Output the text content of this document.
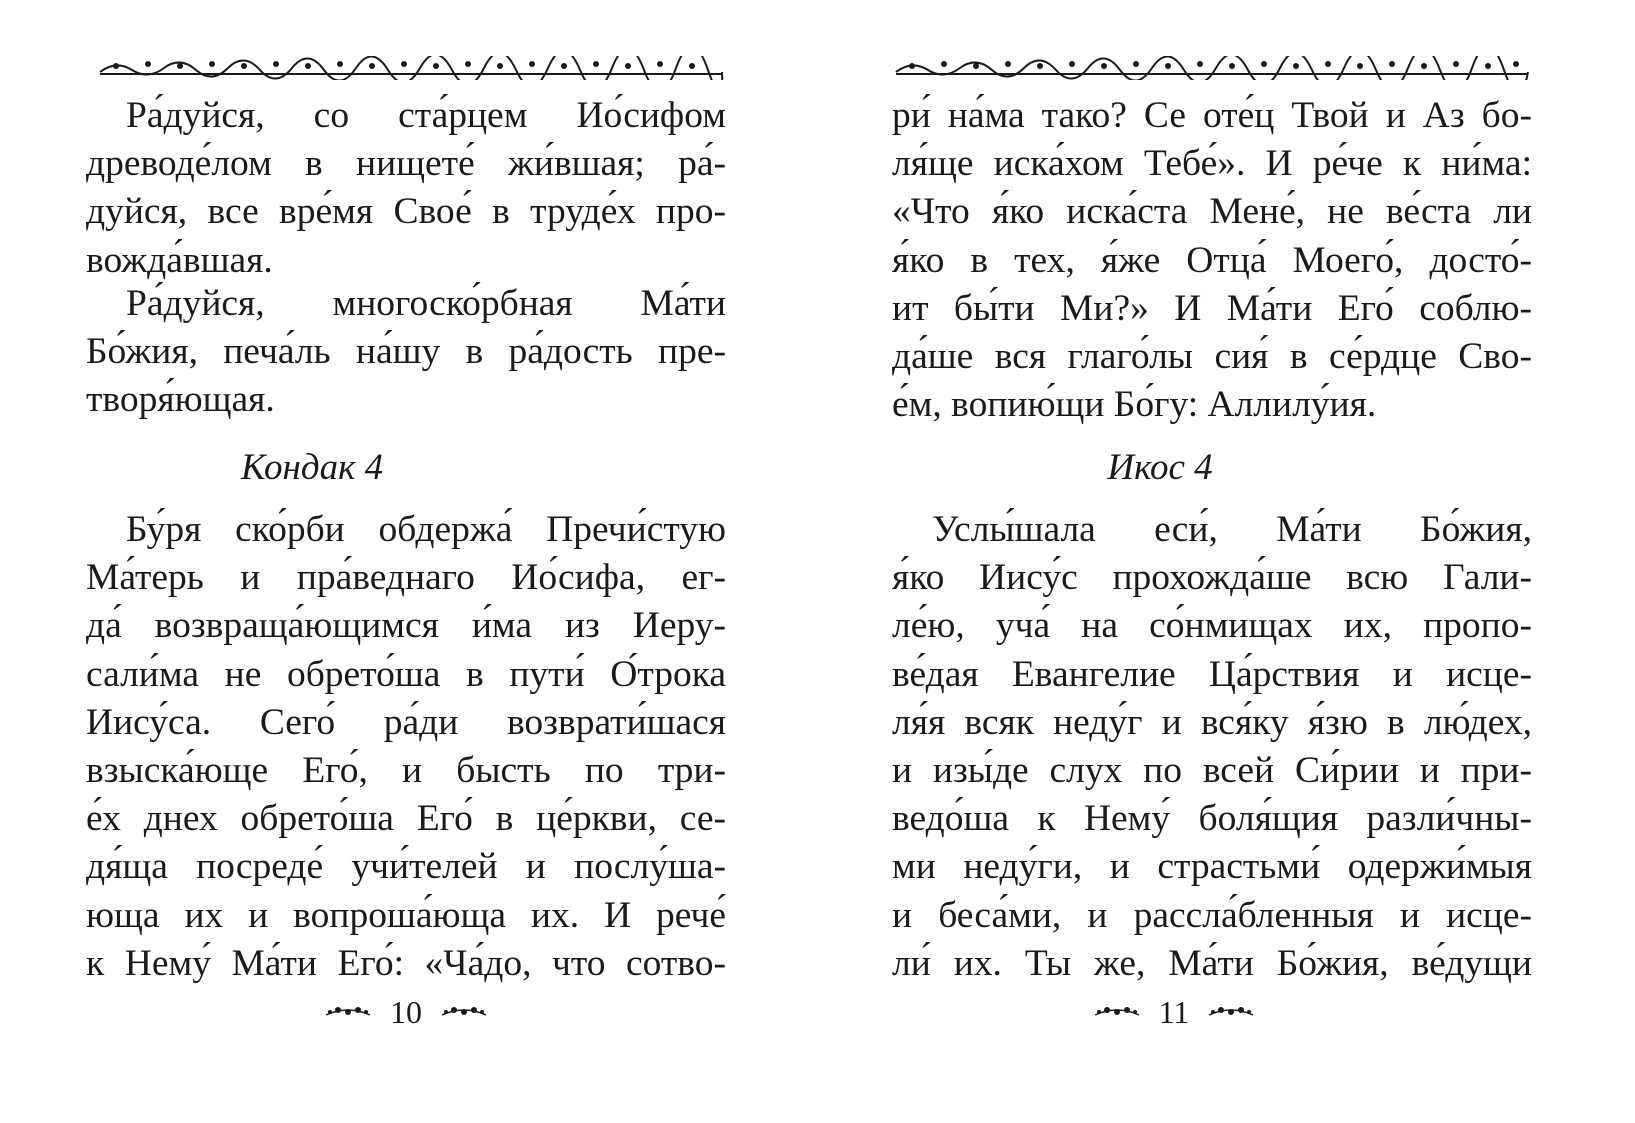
Ра́дуйся, со ста́рцем Ио́сифом
древоде́лом в нищете́ жи́вшая; ра́-
дуйся, все вре́мя Свое́ в труде́х про-
вожда́вшая.
Ра́дуйся, многоско́рбная Ма́ти
Бо́жия, печа́ль на́шу в ра́дость пре-
творя́ющая.
Кондак 4
Бу́ря ско́рби обдержа́ Пречи́стую
Ма́терь и пра́веднаго Ио́сифа, ег-
да́ возвраща́ющимся и́ма из Иеру-
сали́ма не обрето́ша в пути́ О́трока
Иису́са. Сего́ ра́ди возврати́шася
взыска́юще Его́, и бысть по три-
е́х днех обрето́ша Его́ в це́ркви, се-
дя́ща посреде́ учи́телей и послу́ша-
юща их и вопроша́юща их. И рече́
к Нему́ Ма́ти Его́: «Ча́до, что сотво-
10
ри́ на́ма тако? Се оте́ц Твой и Аз бо-
ля́ще иска́хом Тебе́». И ре́че к ни́ма:
«Что я́ко иска́ста Мене́, не ве́ста ли
я́ко в тех, я́же Отца́ Моего́, досто́-
ит бы́ти Ми?» И Ма́ти Его́ соблю-
да́ше вся глаго́лы сия́ в се́рдце Сво-
е́м, вопию́щи Бо́гу: Аллилу́ия.
Икос 4
Услы́шала еси́, Ма́ти Бо́жия,
я́ко Иису́с прохожда́ше всю Гали-
ле́ю, уча́ на со́нмищах их, пропо-
ве́дая Евангелие Ца́рствия и исце-
ля́я всяк неду́г и вся́ку я́зю в лю́дех,
и изы́де слух по всей Си́рии и при-
ведо́ша к Нему́ боля́щия разли́чны-
ми неду́ги, и страстьми́ одержи́мыя
и беса́ми, и рассла́бленныя и исце-
ли́ их. Ты же, Ма́ти Бо́жия, ве́дущи
11
